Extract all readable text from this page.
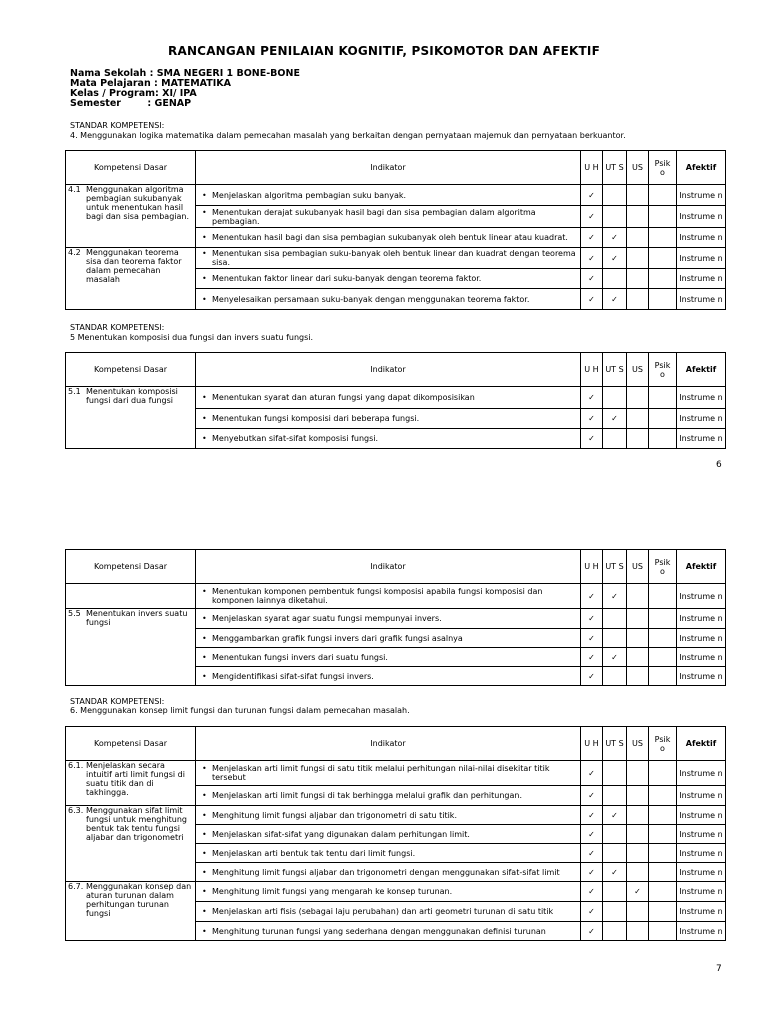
RANCANGAN PENILAIAN KOGNITIF, PSIKOMOTOR DAN AFEKTIF
Nama Sekolah : SMA NEGERI 1 BONE-BONE
Mata Pelajaran : MATEMATIKA
Kelas / Program : XI/ IPA
Semester : GENAP
STANDAR KOMPETENSI:
4. Menggunakan logika matematika dalam pemecahan masalah yang berkaitan dengan pernyataan majemuk dan pernyataan berkuantor.
Kompetensi Dasar	Indikator	U H	UT S	US	Psik o	Afektif

4.1 Menggunakan algoritma pembagian sukubanyak untuk menentukan hasil bagi dan sisa pembagian.	• Menjelaskan algoritma pembagian suku banyak.	✓				Instrume n

	• Menentukan derajat sukubanyak hasil bagi dan sisa pembagian dalam algoritma pembagian.	✓				Instrume n

	• Menentukan hasil bagi dan sisa pembagian sukubanyak oleh bentuk linear atau kuadrat.	✓	✓			Instrume n

4.2 Menggunakan teorema sisa dan teorema faktor dalam pemecahan masalah	• Menentukan sisa pembagian suku-banyak oleh bentuk linear dan kuadrat dengan teorema sisa.	✓	✓			Instrume n

	• Menentukan faktor linear dari suku-banyak dengan teorema faktor.	✓				Instrume n

	• Menyelesaikan persamaan suku-banyak dengan menggunakan teorema faktor.	✓	✓			Instrume n
STANDAR KOMPETENSI:
5 Menentukan komposisi dua fungsi dan invers suatu fungsi.
Kompetensi Dasar	Indikator	U H	UT S	US	Psik o	Afektif

5.1 Menentukan komposisi fungsi dari dua fungsi	• Menentukan syarat dan aturan fungsi yang dapat dikomposisikan	✓				Instrume n

	• Menentukan fungsi komposisi dari beberapa fungsi.	✓	✓			Instrume n

	• Menyebutkan sifat-sifat komposisi fungsi.	✓				Instrume n
6
Kompetensi Dasar	Indikator	U H	UT S	US	Psik o	Afektif

	• Menentukan komponen pembentuk fungsi komposisi apabila fungsi komposisi dan komponen lainnya diketahui.	✓	✓			Instrume n

5.5 Menentukan invers suatu fungsi	• Menjelaskan syarat agar suatu fungsi mempunyai invers.	✓				Instrume n

	• Menggambarkan grafik fungsi invers dari grafik fungsi asalnya	✓				Instrume n

	• Menentukan fungsi invers dari suatu fungsi.	✓	✓			Instrume n

	• Mengidentifikasi sifat-sifat fungsi invers.	✓				Instrume n
STANDAR KOMPETENSI:
6. Menggunakan konsep limit fungsi dan turunan fungsi dalam pemecahan masalah.
Kompetensi Dasar	Indikator	U H	UT S	US	Psik o	Afektif

6.1. Menjelaskan secara intuitif arti limit fungsi di suatu titik dan di takhingga.	• Menjelaskan arti limit fungsi di satu titik melalui perhitungan nilai-nilai disekitar titik tersebut	✓				Instrume n

	• Menjelaskan arti limit fungsi di tak berhingga melalui grafik dan perhitungan.	✓				Instrume n

6.3. Menggunakan sifat limit fungsi untuk menghitung bentuk tak tentu fungsi aljabar dan trigonometri	• Menghitung limit fungsi aljabar dan trigonometri di satu titik.	✓	✓			Instrume n

	• Menjelaskan sifat-sifat yang digunakan dalam perhitungan limit.	✓				Instrume n

	• Menjelaskan arti bentuk tak tentu dari limit fungsi.	✓				Instrume n

	• Menghitung limit fungsi aljabar dan trigonometri dengan menggunakan sifat-sifat limit	✓	✓			Instrume n

6.7. Menggunakan konsep dan aturan turunan dalam perhitungan turunan fungsi	• Menghitung limit fungsi yang mengarah ke konsep turunan.	✓		✓		Instrume n

	• Menjelaskan arti fisis (sebagai laju perubahan) dan arti geometri turunan di satu titik	✓				Instrume n

	• Menghitung turunan fungsi yang sederhana dengan menggunakan definisi turunan	✓				Instrume n
7
